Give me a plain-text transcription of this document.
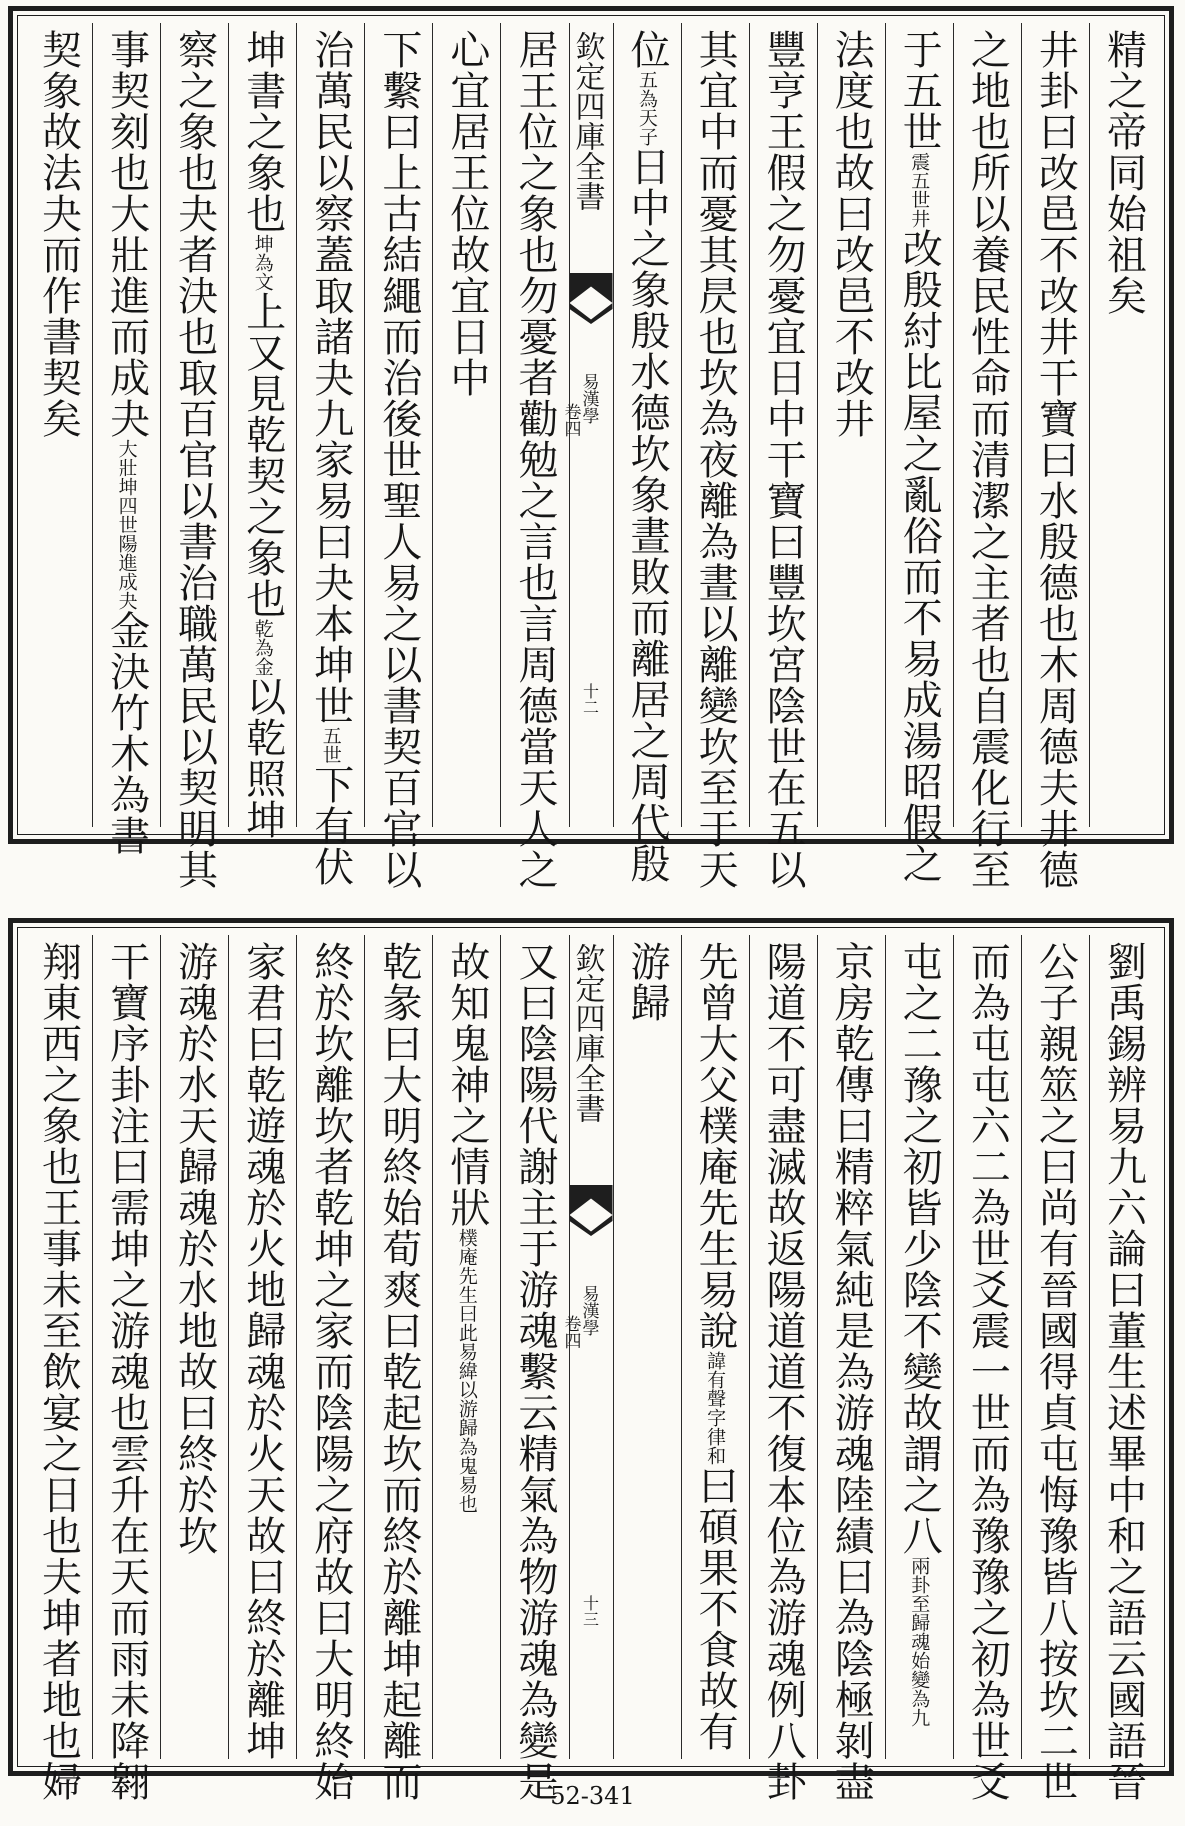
精之帝同始祖矣
井卦曰改邑不改井干寶曰水殷德也木周德夫井德
之地也所以養民性命而清潔之主者也自震化行至
于五世震五世井改殷紂比屋之亂俗而不易成湯昭假之
法度也故曰改邑不改井
豐亨王假之勿憂宜日中干寶曰豐坎宮陰世在五以
其宜中而憂其昃也坎為夜離為晝以離變坎至于天
位五為天子日中之象殷水德坎象晝敗而離居之周代殷
欽定四庫全書
易漢學
卷四
十二
居王位之象也勿憂者勸勉之言也言周德當天人之
心宜居王位故宜日中
下繫曰上古結繩而治後世聖人易之以書契百官以
治萬民以察蓋取諸夬九家易曰夬本坤世五世下有伏
坤書之象也坤為文上又見乾契之象也乾為金以乾照坤
察之象也夬者決也取百官以書治職萬民以契明其
事契刻也大壯進而成夬大壯坤四世陽進成夬金決竹木為書
契象故法夬而作書契矣
劉禹錫辨易九六論曰董生述畢中和之語云國語晉
公子親筮之曰尚有晉國得貞屯悔豫皆八按坎二世
而為屯屯六二為世爻震一世而為豫豫之初為世爻
屯之二豫之初皆少陰不變故謂之八兩卦至歸魂始變為九
京房乾傳曰精粹氣純是為游魂陸績曰為陰極剝盡
陽道不可盡滅故返陽道道不復本位為游魂例八卦
先曾大父樸庵先生易說諱有聲字律和曰碩果不食故有
游歸
欽定四庫全書
易漢學
卷四
十三
又曰陰陽代謝主于游魂繫云精氣為物游魂為變是
故知鬼神之情狀樸庵先生曰此易緯以游歸為鬼易也
乾彖曰大明終始荀爽曰乾起坎而終於離坤起離而
終於坎離坎者乾坤之家而陰陽之府故曰大明終始
家君曰乾遊魂於火地歸魂於火天故曰終於離坤
游魂於水天歸魂於水地故曰終於坎
干寶序卦注曰需坤之游魂也雲升在天而雨未降翱
翔東西之象也王事未至飲宴之日也夫坤者地也婦	52-341
